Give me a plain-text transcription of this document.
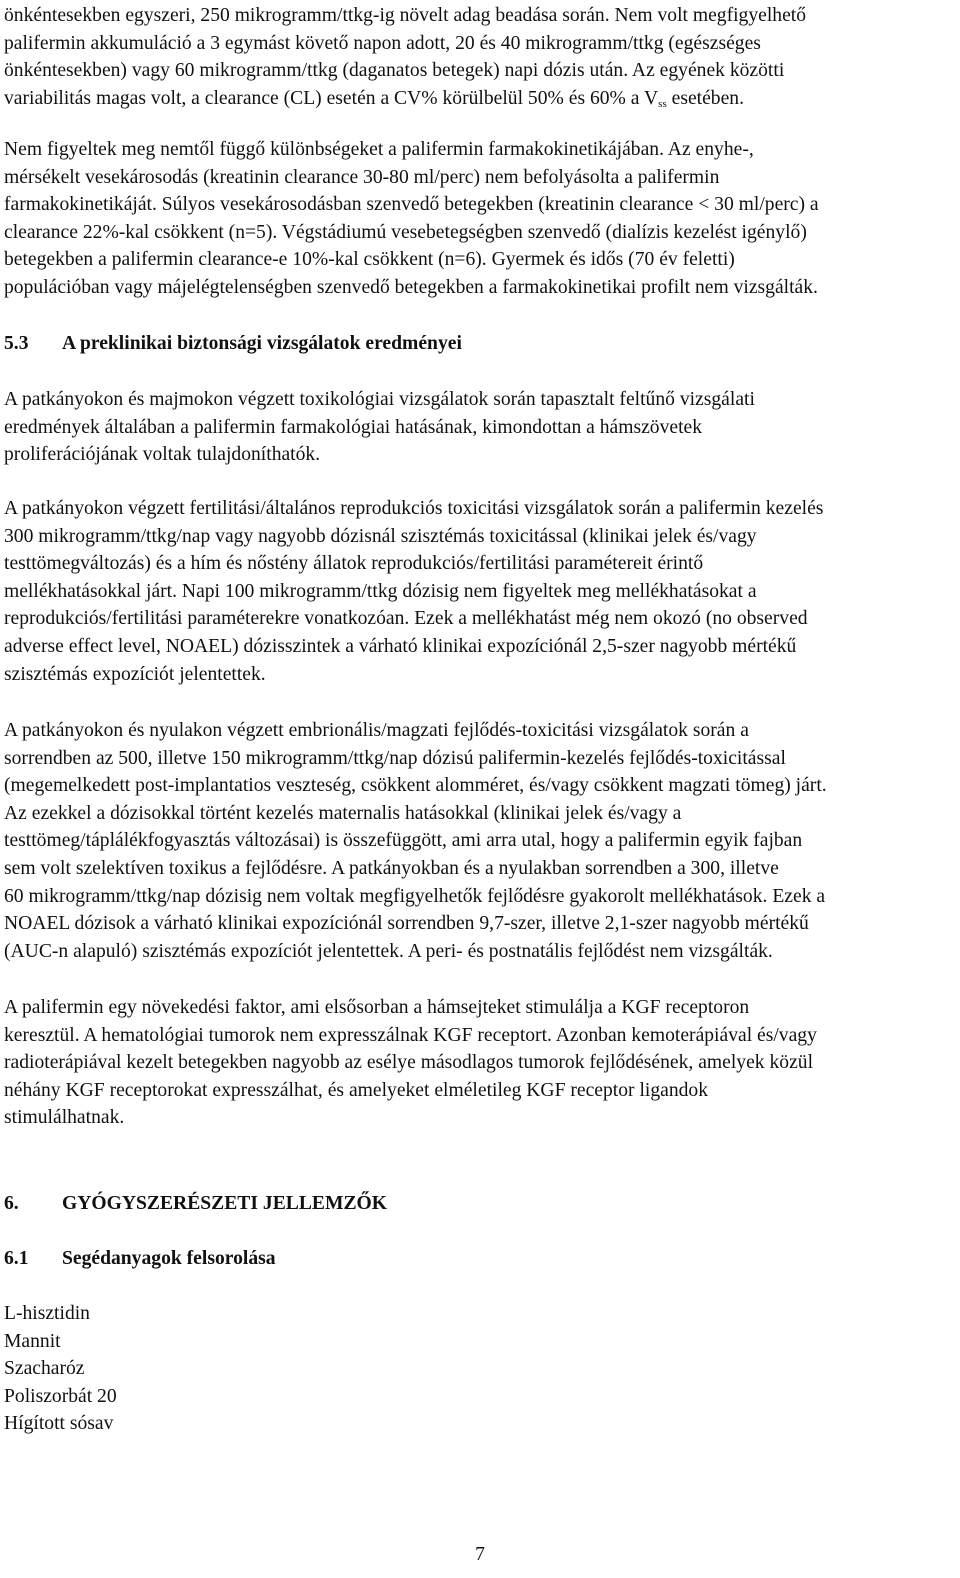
önkéntesekben egyszeri, 250 mikrogramm/ttkg-ig növelt adag beadása során. Nem volt megfigyelhető
palifermin akkumuláció a 3 egymást követő napon adott, 20 és 40 mikrogramm/ttkg (egészséges
önkéntesekben) vagy 60 mikrogramm/ttkg (daganatos betegek) napi dózis után. Az egyének közötti
variabilitás magas volt, a clearance (CL) esetén a CV% körülbelül 50% és 60% a $V_{ss}$ esetében.

Nem figyeltek meg nemtől függő különbségeket a palifermin farmakokinetikájában. Az enyhe-,
mérsékelt vesekárosodás (kreatinin clearance 30-80 ml/perc) nem befolyásolta a palifermin
farmakokinetikáját. Súlyos vesekárosodásban szenvedő betegekben (kreatinin clearance < 30 ml/perc) a
clearance 22%-kal csökkent (n=5). Végstádiumú vesebetegségben szenvedő (dialízis kezelést igénylő)
betegekben a palifermin clearance-e 10%-kal csökkent (n=6). Gyermek és idős (70 év feletti)
populációban vagy májelégtelenségben szenvedő betegekben a farmakokinetikai profilt nem vizsgálták.

5.3 A preklinikai biztonsági vizsgálatok eredményei

A patkányokon és majmokon végzett toxikológiai vizsgálatok során tapasztalt feltűnő vizsgálati
eredmények általában a palifermin farmakológiai hatásának, kimondottan a hámszövetek
proliferációjának voltak tulajdoníthatók.

A patkányokon végzett fertilitási/általános reprodukciós toxicitási vizsgálatok során a palifermin kezelés
300 mikrogramm/ttkg/nap vagy nagyobb dózisnál szisztémás toxicitással (klinikai jelek és/vagy
testtömegváltozás) és a hím és nőstény állatok reprodukciós/fertilitási paramétereit érintő
mellékhatásokkal járt. Napi 100 mikrogramm/ttkg dózisig nem figyeltek meg mellékhatásokat a
reprodukciós/fertilitási paraméterekre vonatkozóan. Ezek a mellékhatást még nem okozó (no observed
adverse effect level, NOAEL) dózisszintek a várható klinikai expozíciónál 2,5-szer nagyobb mértékű
szisztémás expozíciót jelentettek.

A patkányokon és nyulakon végzett embrionális/magzati fejlődés-toxicitási vizsgálatok során a
sorrendben az 500, illetve 150 mikrogramm/ttkg/nap dózisú palifermin-kezelés fejlődés-toxicitással
(megemelkedett post-implantatios veszteség, csökkent alomméret, és/vagy csökkent magzati tömeg) járt.
Az ezekkel a dózisokkal történt kezelés maternalis hatásokkal (klinikai jelek és/vagy a
testtömeg/táplálékfogyasztás változásai) is összefüggött, ami arra utal, hogy a palifermin egyik fajban
sem volt szelektíven toxikus a fejlődésre. A patkányokban és a nyulakban sorrendben a 300, illetve
60 mikrogramm/ttkg/nap dózisig nem voltak megfigyelhetők fejlődésre gyakorolt mellékhatások. Ezek a
NOAEL dózisok a várható klinikai expozíciónál sorrendben 9,7-szer, illetve 2,1-szer nagyobb mértékű
(AUC-n alapuló) szisztémás expozíciót jelentettek. A peri- és postnatális fejlődést nem vizsgálták.

A palifermin egy növekedési faktor, ami elsősorban a hámsejteket stimulálja a KGF receptoron
keresztül. A hematológiai tumorok nem expresszálnak KGF receptort. Azonban kemoterápiával és/vagy
radioterápiával kezelt betegekben nagyobb az esélye másodlagos tumorok fejlődésének, amelyek közül
néhány KGF receptorokat expresszálhat, és amelyeket elméletileg KGF receptor ligandok
stimulálhatnak.

6. GYÓGYSZERÉSZETI JELLEMZŐK
6.1 Segédanyagok felsorolása
L-hisztidin
Mannit
Szacharóz
Poliszorbát 20
Hígított sósav
7
